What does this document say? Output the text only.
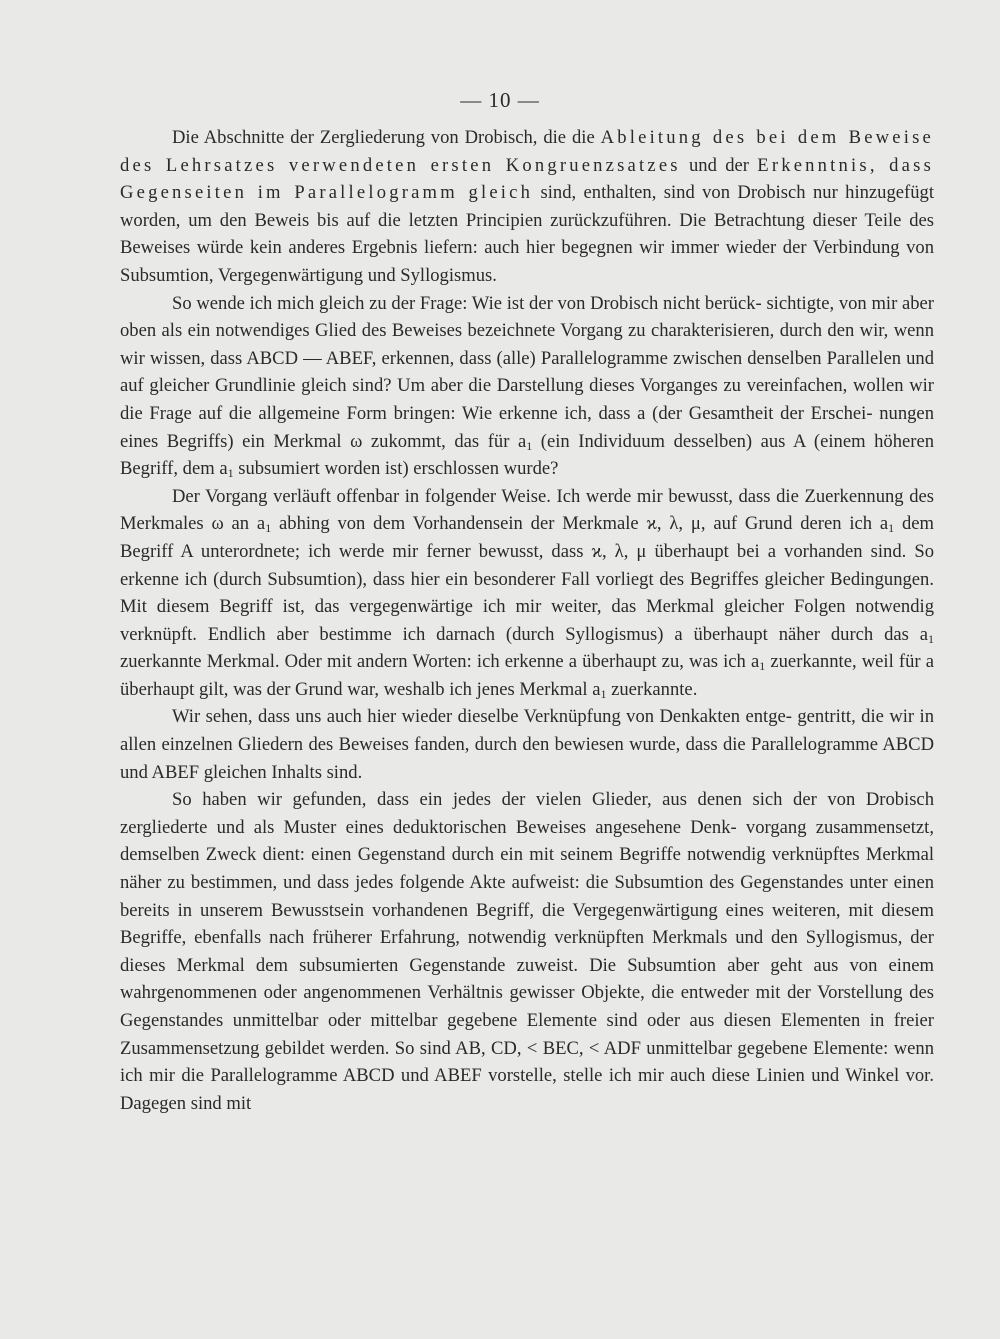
— 10 —

Die Abschnitte der Zergliederung von Drobisch, die die Ableitung des bei dem Beweise des Lehrsatzes verwendeten ersten Kongruenzsatzes und der Erkenntnis, dass Gegenseiten im Parallelogramm gleich sind, enthalten, sind von Drobisch nur hinzugefügt worden, um den Beweis bis auf die letzten Principien zurückzuführen. Die Betrachtung dieser Teile des Beweises würde kein anderes Ergebnis liefern: auch hier begegnen wir immer wieder der Verbindung von Subsumtion, Vergegenwärtigung und Syllogismus.

So wende ich mich gleich zu der Frage: Wie ist der von Drobisch nicht berück- sichtigte, von mir aber oben als ein notwendiges Glied des Beweises bezeichnete Vorgang zu charakterisieren, durch den wir, wenn wir wissen, dass ABCD — ABEF, erkennen, dass (alle) Parallelogramme zwischen denselben Parallelen und auf gleicher Grundlinie gleich sind? Um aber die Darstellung dieses Vorganges zu vereinfachen, wollen wir die Frage auf die allgemeine Form bringen: Wie erkenne ich, dass a (der Gesamtheit der Erschei- nungen eines Begriffs) ein Merkmal ω zukommt, das für $a_1$ (ein Individuum desselben) aus A (einem höheren Begriff, dem $a_1$ subsumiert worden ist) erschlossen wurde?

Der Vorgang verläuft offenbar in folgender Weise. Ich werde mir bewusst, dass die Zuerkennung des Merkmales ω an $a_1$ abhing von dem Vorhandensein der Merkmale ϰ, λ, μ, auf Grund deren ich $a_1$ dem Begriff A unterordnete; ich werde mir ferner bewusst, dass ϰ, λ, μ überhaupt bei a vorhanden sind. So erkenne ich (durch Subsumtion), dass hier ein besonderer Fall vorliegt des Begriffes gleicher Bedingungen. Mit diesem Begriff ist, das vergegenwärtige ich mir weiter, das Merkmal gleicher Folgen notwendig verknüpft. Endlich aber bestimme ich darnach (durch Syllogismus) a überhaupt näher durch das $a_1$ zuerkannte Merkmal. Oder mit andern Worten: ich erkenne a überhaupt zu, was ich $a_1$ zuerkannte, weil für a überhaupt gilt, was der Grund war, weshalb ich jenes Merkmal $a_1$ zuerkannte.

Wir sehen, dass uns auch hier wieder dieselbe Verknüpfung von Denkakten entge- gentritt, die wir in allen einzelnen Gliedern des Beweises fanden, durch den bewiesen wurde, dass die Parallelogramme ABCD und ABEF gleichen Inhalts sind.

So haben wir gefunden, dass ein jedes der vielen Glieder, aus denen sich der von Drobisch zergliederte und als Muster eines deduktorischen Beweises angesehene Denk- vorgang zusammensetzt, demselben Zweck dient: einen Gegenstand durch ein mit seinem Begriffe notwendig verknüpftes Merkmal näher zu bestimmen, und dass jedes folgende Akte aufweist: die Subsumtion des Gegenstandes unter einen bereits in unserem Bewusstsein vorhandenen Begriff, die Vergegenwärtigung eines weiteren, mit diesem Begriffe, ebenfalls nach früherer Erfahrung, notwendig verknüpften Merkmals und den Syllogismus, der dieses Merkmal dem subsumierten Gegenstande zuweist. Die Subsumtion aber geht aus von einem wahrgenommenen oder angenommenen Verhältnis gewisser Objekte, die entweder mit der Vorstellung des Gegenstandes unmittelbar oder mittelbar gegebene Elemente sind oder aus diesen Elementen in freier Zusammensetzung gebildet werden. So sind AB, CD, < BEC, < ADF unmittelbar gegebene Elemente: wenn ich mir die Parallelogramme ABCD und ABEF vorstelle, stelle ich mir auch diese Linien und Winkel vor. Dagegen sind mit
